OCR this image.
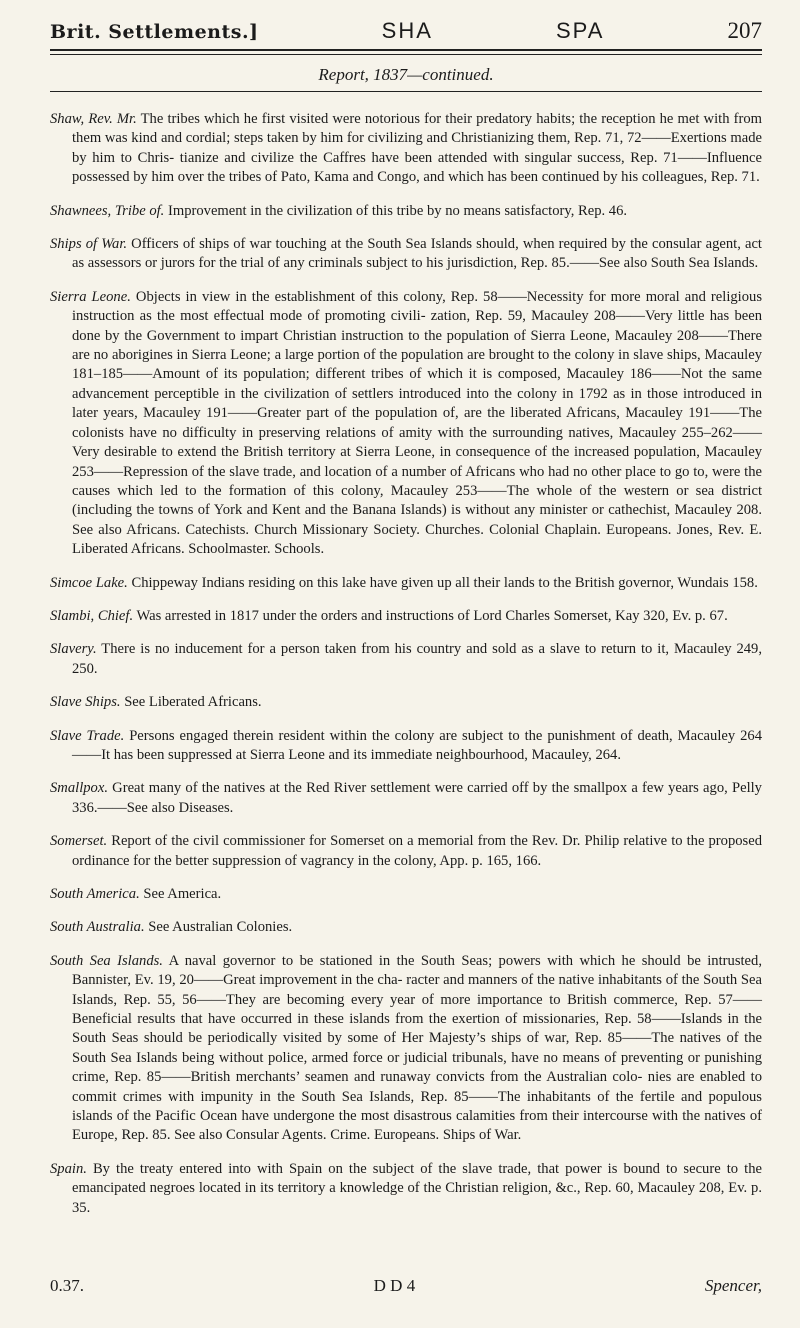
Brit. Settlements.]	SHA	SPA	207
Report, 1837—continued.

Shaw, Rev. Mr. The tribes which he first visited were notorious for their predatory habits; the reception he met with from them was kind and cordial; steps taken by him for civilizing and Christianizing them, Rep. 71, 72——Exertions made by him to Chris- tianize and civilize the Caffres have been attended with singular success, Rep. 71——Influence possessed by him over the tribes of Pato, Kama and Congo, and which has been continued by his colleagues, Rep. 71.

Shawnees, Tribe of. Improvement in the civilization of this tribe by no means satisfactory, Rep. 46.

Ships of War. Officers of ships of war touching at the South Sea Islands should, when required by the consular agent, act as assessors or jurors for the trial of any criminals subject to his jurisdiction, Rep. 85.——See also South Sea Islands.

Sierra Leone. Objects in view in the establishment of this colony, Rep. 58——Necessity for more moral and religious instruction as the most effectual mode of promoting civili- zation, Rep. 59, Macauley 208——Very little has been done by the Government to impart Christian instruction to the population of Sierra Leone, Macauley 208——There are no aborigines in Sierra Leone; a large portion of the population are brought to the colony in slave ships, Macauley 181–185——Amount of its population; different tribes of which it is composed, Macauley 186——Not the same advancement perceptible in the civilization of settlers introduced into the colony in 1792 as in those introduced in later years, Macauley 191——Greater part of the population of, are the liberated Africans, Macauley 191——The colonists have no difficulty in preserving relations of amity with the surrounding natives, Macauley 255–262——Very desirable to extend the British territory at Sierra Leone, in consequence of the increased population, Macauley 253——Repression of the slave trade, and location of a number of Africans who had no other place to go to, were the causes which led to the formation of this colony, Macauley 253——The whole of the western or sea district (including the towns of York and Kent and the Banana Islands) is without any minister or cathechist, Macauley 208. See also Africans. Catechists. Church Missionary Society. Churches. Colonial Chaplain. Europeans. Jones, Rev. E. Liberated Africans. Schoolmaster. Schools.

Simcoe Lake. Chippeway Indians residing on this lake have given up all their lands to the British governor, Wundais 158.

Slambi, Chief. Was arrested in 1817 under the orders and instructions of Lord Charles Somerset, Kay 320, Ev. p. 67.

Slavery. There is no inducement for a person taken from his country and sold as a slave to return to it, Macauley 249, 250.

Slave Ships. See Liberated Africans.

Slave Trade. Persons engaged therein resident within the colony are subject to the punishment of death, Macauley 264——It has been suppressed at Sierra Leone and its immediate neighbourhood, Macauley, 264.

Smallpox. Great many of the natives at the Red River settlement were carried off by the smallpox a few years ago, Pelly 336.——See also Diseases.

Somerset. Report of the civil commissioner for Somerset on a memorial from the Rev. Dr. Philip relative to the proposed ordinance for the better suppression of vagrancy in the colony, App. p. 165, 166.

South America. See America.

South Australia. See Australian Colonies.

South Sea Islands. A naval governor to be stationed in the South Seas; powers with which he should be intrusted, Bannister, Ev. 19, 20——Great improvement in the cha- racter and manners of the native inhabitants of the South Sea Islands, Rep. 55, 56——They are becoming every year of more importance to British commerce, Rep. 57——Beneficial results that have occurred in these islands from the exertion of missionaries, Rep. 58——Islands in the South Seas should be periodically visited by some of Her Majesty’s ships of war, Rep. 85——The natives of the South Sea Islands being without police, armed force or judicial tribunals, have no means of preventing or punishing crime, Rep. 85——British merchants’ seamen and runaway convicts from the Australian colo- nies are enabled to commit crimes with impunity in the South Sea Islands, Rep. 85——The inhabitants of the fertile and populous islands of the Pacific Ocean have undergone the most disastrous calamities from their intercourse with the natives of Europe, Rep. 85. See also Consular Agents. Crime. Europeans. Ships of War.

Spain. By the treaty entered into with Spain on the subject of the slave trade, that power is bound to secure to the emancipated negroes located in its territory a knowledge of the Christian religion, &c., Rep. 60, Macauley 208, Ev. p. 35.

0.37.	D D 4	Spencer,
